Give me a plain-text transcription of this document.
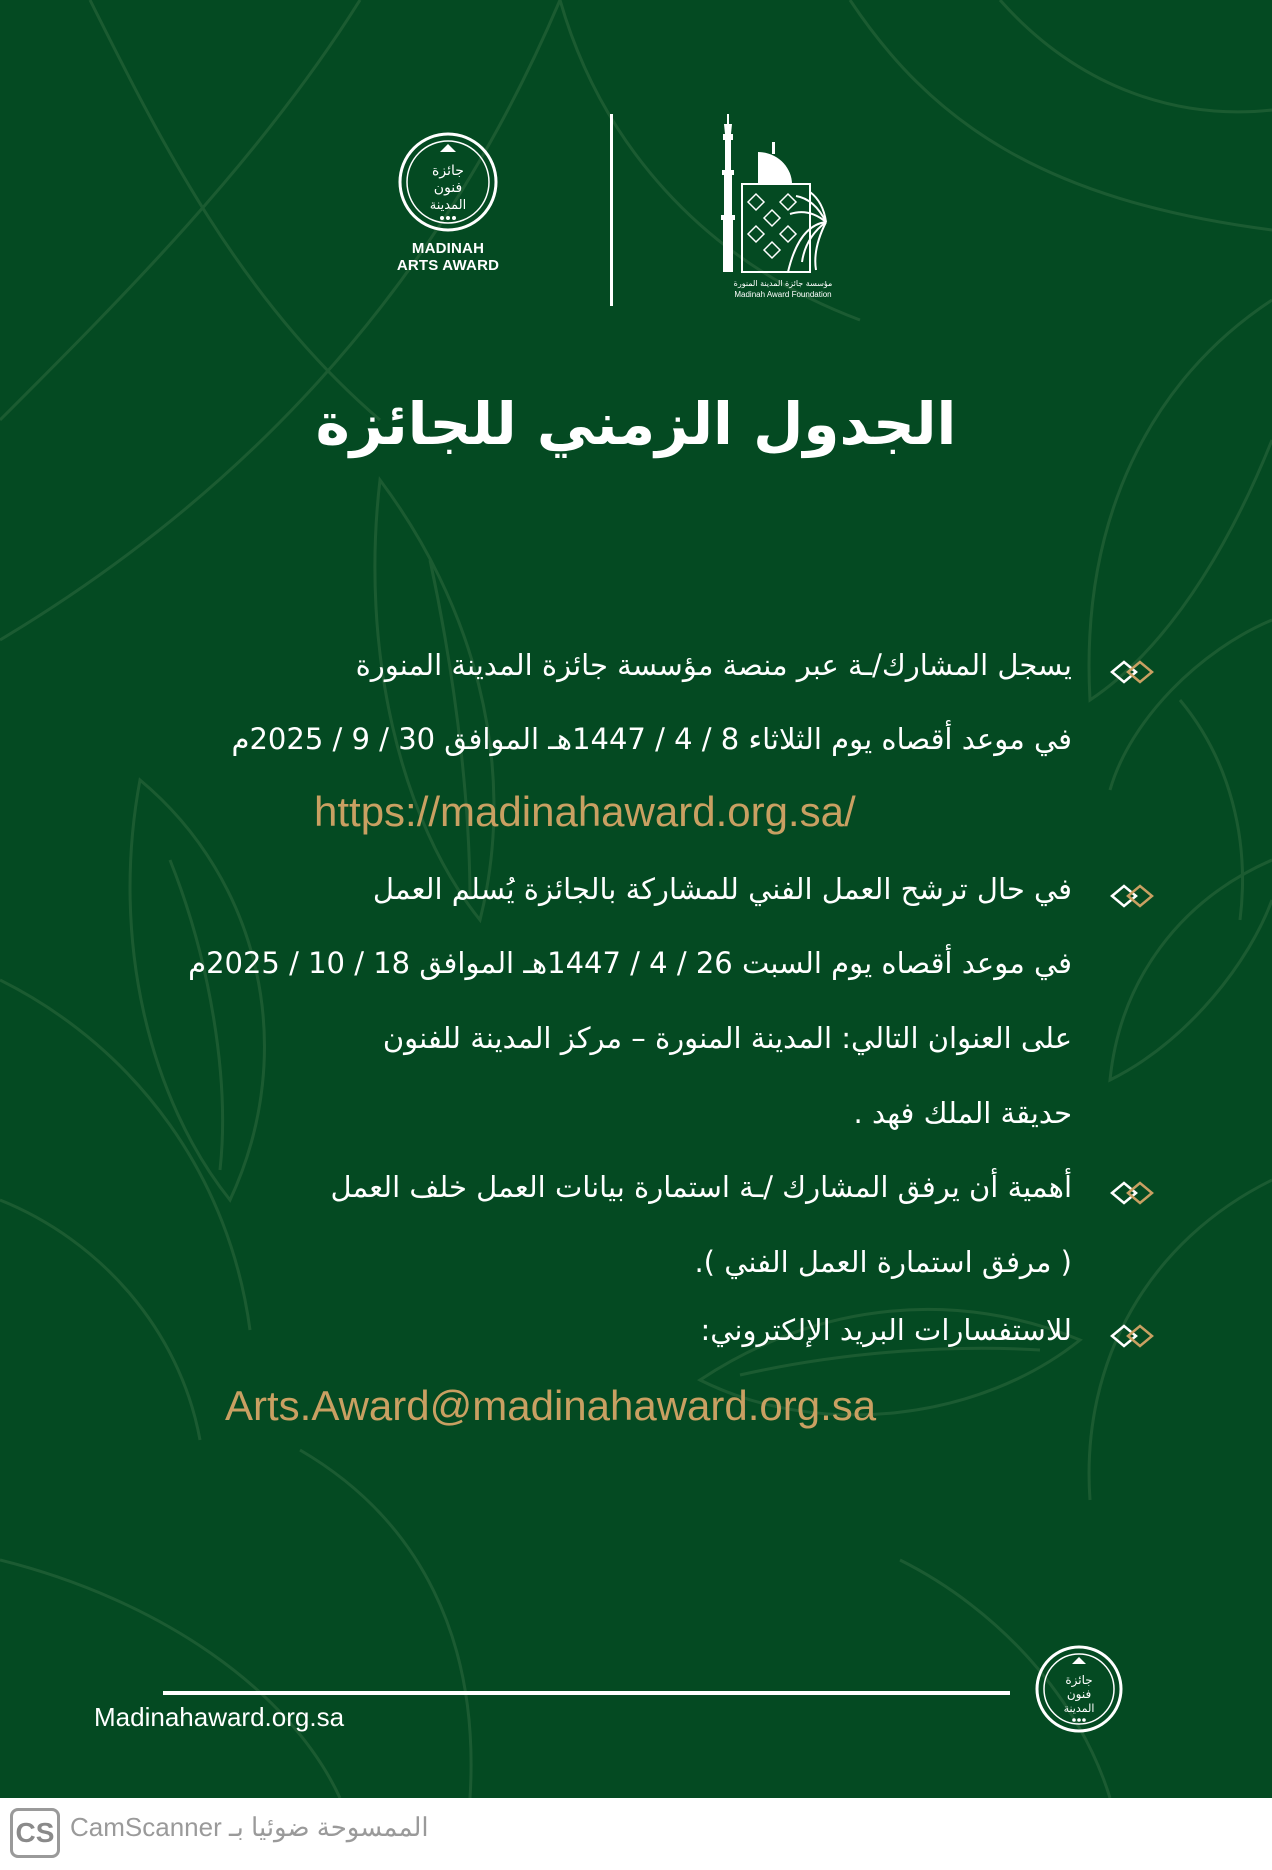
جائزة
فنون
المدينة
MADINAH
ARTS AWARD
مؤسسة جائزة المدينة المنورة
Madinah Award Foundation
الجدول الزمني للجائزة
يسجل المشارك/ـة عبر منصة مؤسسة جائزة المدينة المنورة
في موعد أقصاه يوم الثلاثاء 8 / 4 / 1447هـ الموافق 30 / 9 / 2025م
https://madinahaward.org.sa/
في حال ترشح العمل الفني للمشاركة بالجائزة يُسلم العمل
في موعد أقصاه يوم السبت 26 / 4 / 1447هـ الموافق 18 / 10 / 2025م
على العنوان التالي: المدينة المنورة – مركز المدينة للفنون
حديقة الملك فهد .
أهمية أن يرفق المشارك /ـة استمارة بيانات العمل خلف العمل
( مرفق استمارة العمل الفني ).
للاستفسارات البريد الإلكتروني:
Arts.Award@madinahaward.org.sa
Madinahaward.org.sa
جائزة
فنون
المدينة
CS CamScanner الممسوحة ضوئيا بـ
